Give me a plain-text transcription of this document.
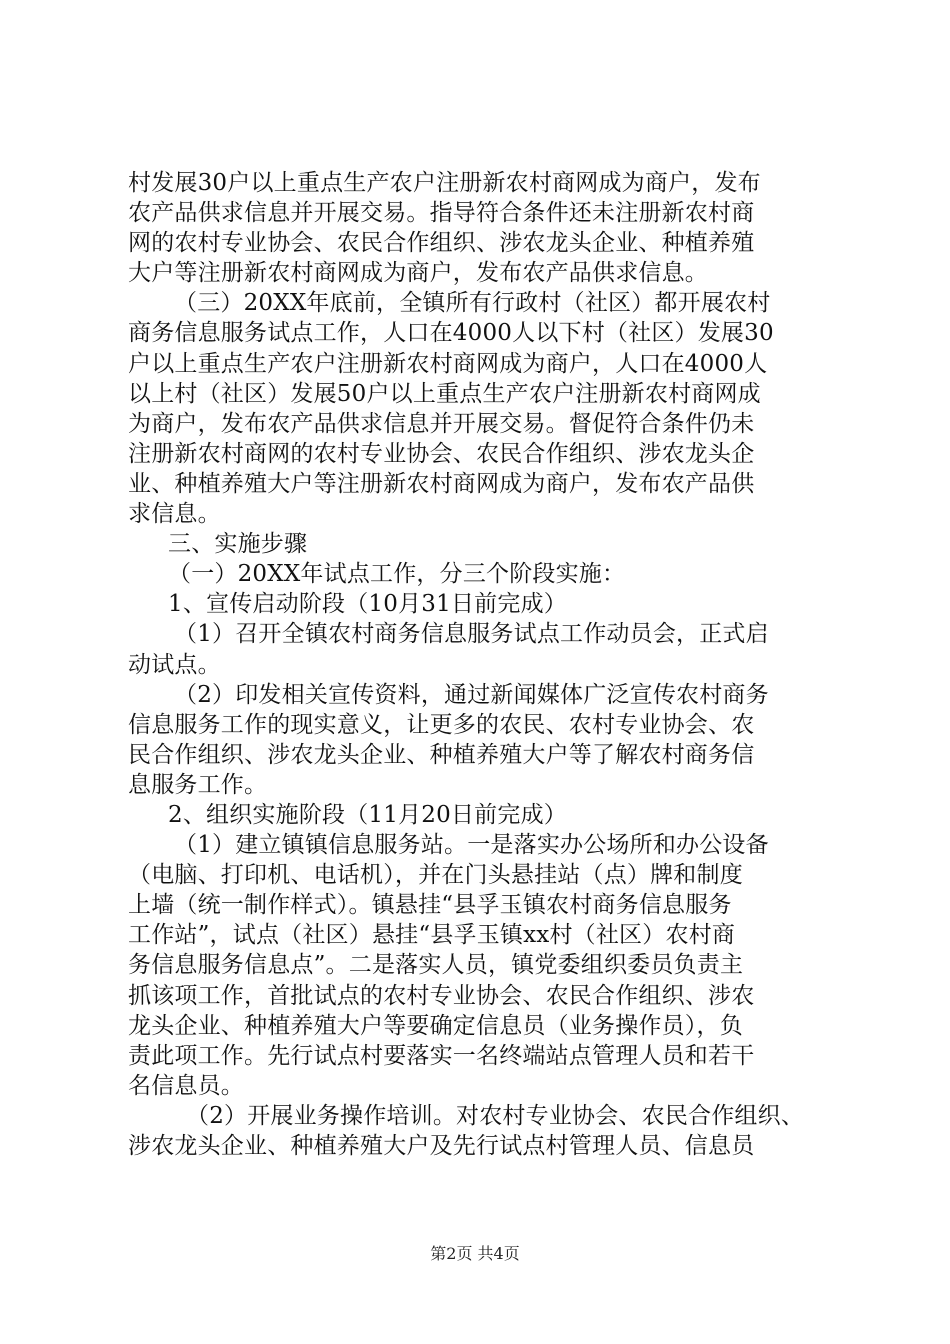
村发展30户以上重点生产农户注册新农村商网成为商户，发布
农产品供求信息并开展交易。指导符合条件还未注册新农村商
网的农村专业协会、农民合作组织、涉农龙头企业、种植养殖
大户等注册新农村商网成为商户，发布农产品供求信息。
（三）20XX年底前，全镇所有行政村（社区）都开展农村
商务信息服务试点工作，人口在4000人以下村（社区）发展30
户以上重点生产农户注册新农村商网成为商户，人口在4000人
以上村（社区）发展50户以上重点生产农户注册新农村商网成
为商户，发布农产品供求信息并开展交易。督促符合条件仍未
注册新农村商网的农村专业协会、农民合作组织、涉农龙头企
业、种植养殖大户等注册新农村商网成为商户，发布农产品供
求信息。
三、实施步骤
（一）20XX年试点工作，分三个阶段实施：
1、宣传启动阶段（10月31日前完成）
（1）召开全镇农村商务信息服务试点工作动员会，正式启
动试点。
（2）印发相关宣传资料，通过新闻媒体广泛宣传农村商务
信息服务工作的现实意义，让更多的农民、农村专业协会、农
民合作组织、涉农龙头企业、种植养殖大户等了解农村商务信
息服务工作。
2、组织实施阶段（11月20日前完成）
（1）建立镇镇信息服务站。一是落实办公场所和办公设备
（电脑、打印机、电话机），并在门头悬挂站（点）牌和制度
上墙（统一制作样式）。镇悬挂“县孚玉镇农村商务信息服务
工作站”，试点（社区）悬挂“县孚玉镇xx村（社区）农村商
务信息服务信息点”。二是落实人员，镇党委组织委员负责主
抓该项工作，首批试点的农村专业协会、农民合作组织、涉农
龙头企业、种植养殖大户等要确定信息员（业务操作员），负
责此项工作。先行试点村要落实一名终端站点管理人员和若干
名信息员。
（2）开展业务操作培训。对农村专业协会、农民合作组织、
涉农龙头企业、种植养殖大户及先行试点村管理人员、信息员
第2页 共4页
